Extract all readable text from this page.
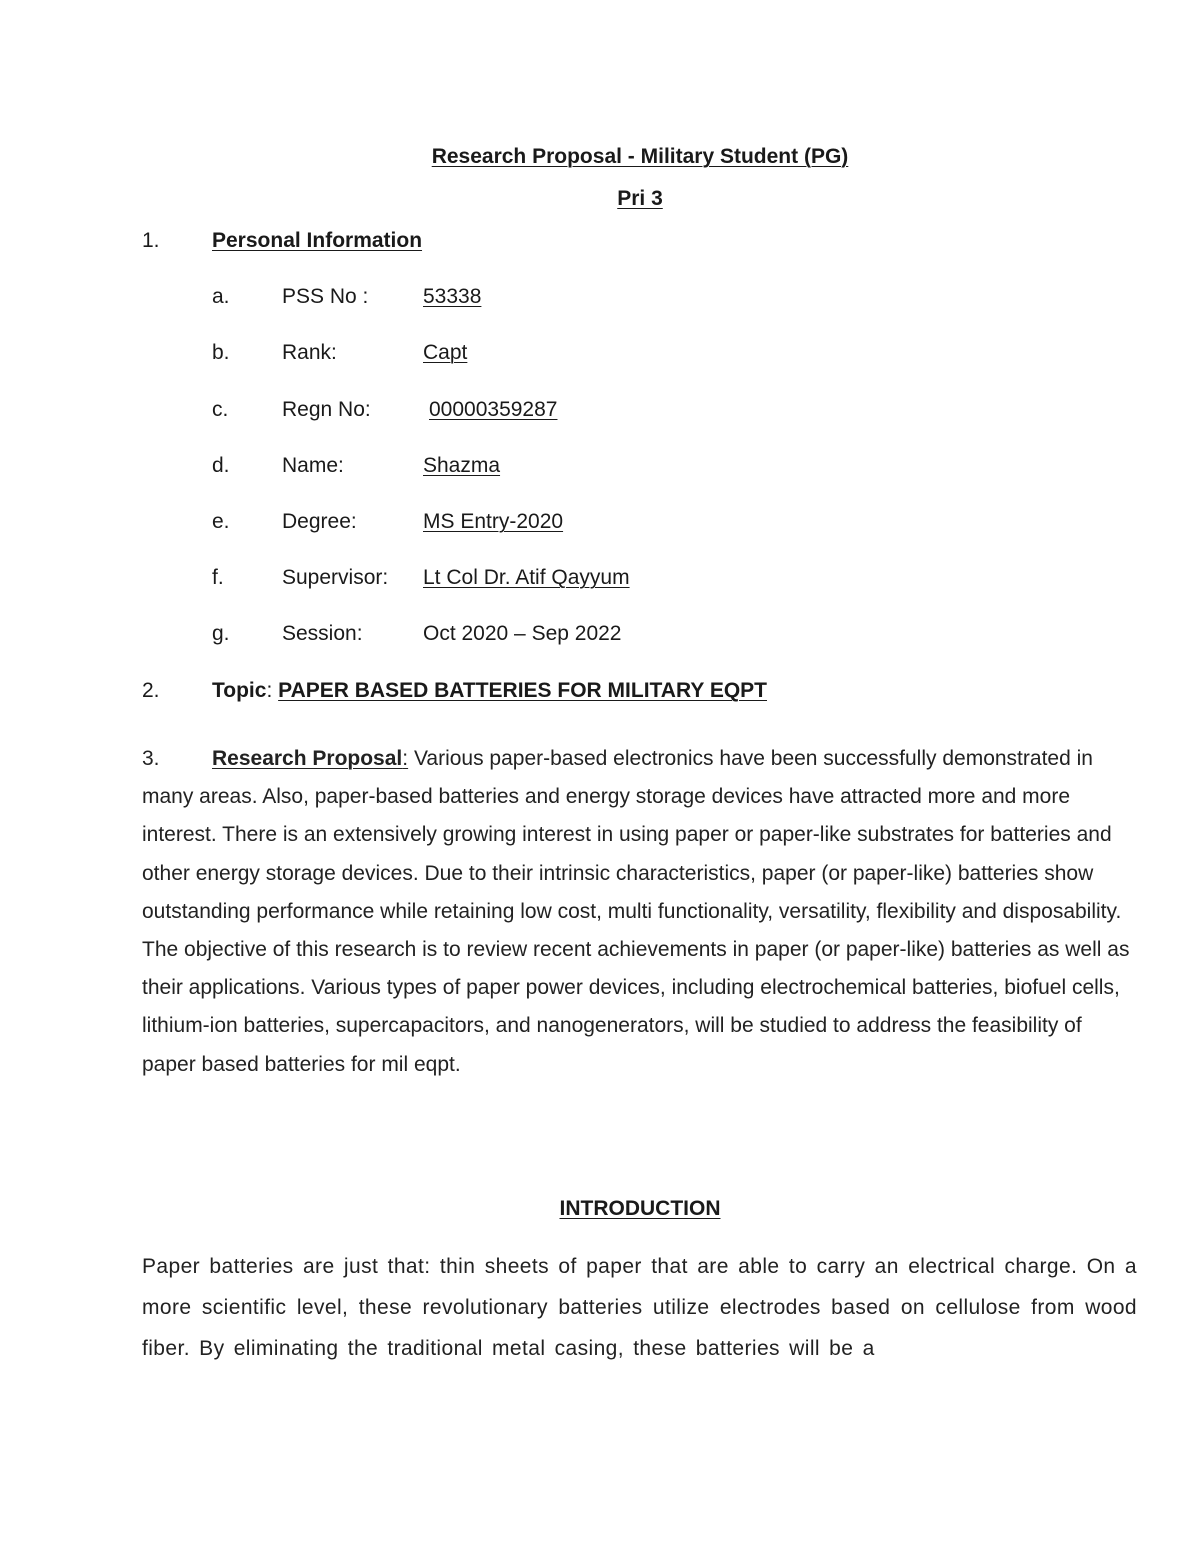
Research Proposal - Military Student (PG)
Pri 3
1. Personal Information
a. PSS No :	53338
b. Rank:	Capt
c.	Regn No:	00000359287
d. Name:	Shazma
e. Degree:	MS Entry-2020
f.	Supervisor: Lt Col Dr. Atif Qayyum
g. Session:	Oct 2020 – Sep 2022
2. Topic: PAPER BASED BATTERIES FOR MILITARY EQPT
3. Research Proposal: Various paper-based electronics have been successfully demonstrated in many areas. Also, paper-based batteries and energy storage devices have attracted more and more interest. There is an extensively growing interest in using paper or paper-like substrates for batteries and other energy storage devices. Due to their intrinsic characteristics, paper (or paper-like) batteries show outstanding performance while retaining low cost, multi functionality, versatility, flexibility and disposability. The objective of this research is to review recent achievements in paper (or paper-like) batteries as well as their applications. Various types of paper power devices, including electrochemical batteries, biofuel cells, lithium-ion batteries, supercapacitors, and nanogenerators, will be studied to address the feasibility of paper based batteries for mil eqpt.
INTRODUCTION
Paper batteries are just that: thin sheets of paper that are able to carry an electrical charge. On a more scientific level, these revolutionary batteries utilize electrodes based on cellulose from wood fiber. By eliminating the traditional metal casing, these batteries will be a
